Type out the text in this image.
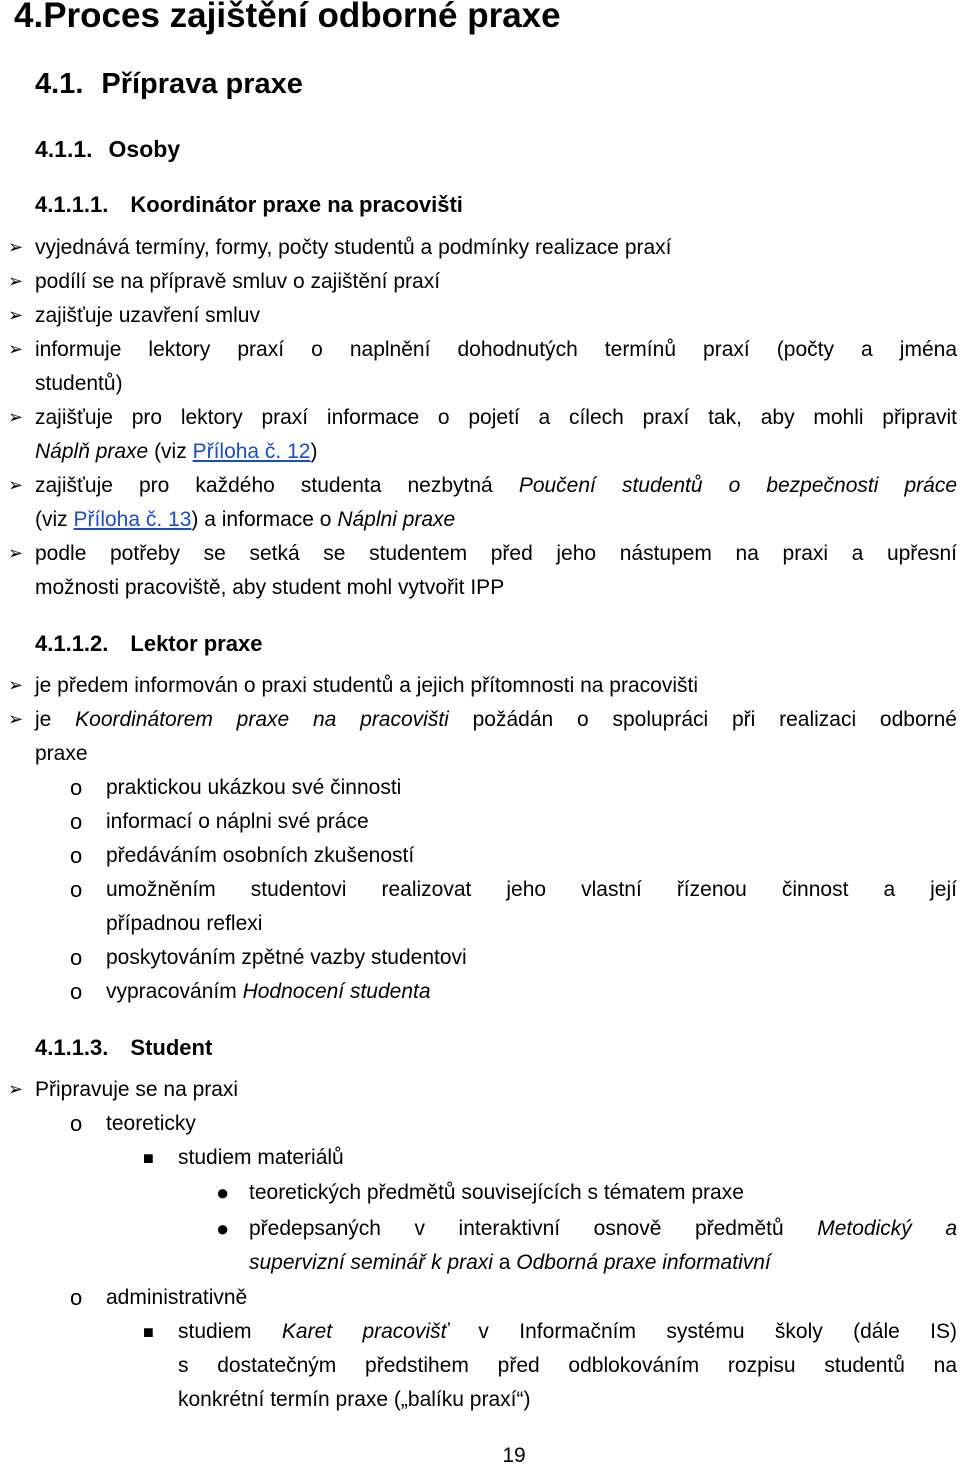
4.Proces zajištění odborné praxe
4.1. Příprava praxe
4.1.1. Osoby
4.1.1.1. Koordinátor praxe na pracovišti
➢ vyjednává termíny, formy, počty studentů a podmínky realizace praxí
➢ podílí se na přípravě smluv o zajištění praxí
➢ zajišťuje uzavření smluv
➢ informuje lektory praxí o naplnění dohodnutých termínů praxí (počty a jména
studentů)
➢ zajišťuje pro lektory praxí informace o pojetí a cílech praxí tak, aby mohli připravit
Náplň praxe (viz Příloha č. 12)
➢ zajišťuje pro každého studenta nezbytná Poučení studentů o bezpečnosti práce
(viz Příloha č. 13) a informace o Náplni praxe
➢ podle potřeby se setká se studentem před jeho nástupem na praxi a upřesní
možnosti pracoviště, aby student mohl vytvořit IPP
4.1.1.2. Lektor praxe
➢ je předem informován o praxi studentů a jejich přítomnosti na pracovišti
➢ je Koordinátorem praxe na pracovišti požádán o spolupráci při realizaci odborné
praxe
o praktickou ukázkou své činnosti
o informací o náplni své práce
o předáváním osobních zkušeností
o umožněním studentovi realizovat jeho vlastní řízenou činnost a její
případnou reflexi
o poskytováním zpětné vazby studentovi
o vypracováním Hodnocení studenta
4.1.1.3. Student
➢ Připravuje se na praxi
o teoreticky
■ studiem materiálů
● teoretických předmětů souvisejících s tématem praxe
● předepsaných v interaktivní osnově předmětů Metodický a
supervizní seminář k praxi a Odborná praxe informativní
o administrativně
■ studiem Karet pracovišť v Informačním systému školy (dále IS)
s dostatečným předstihem před odblokováním rozpisu studentů na
konkrétní termín praxe („balíku praxí“)
19
